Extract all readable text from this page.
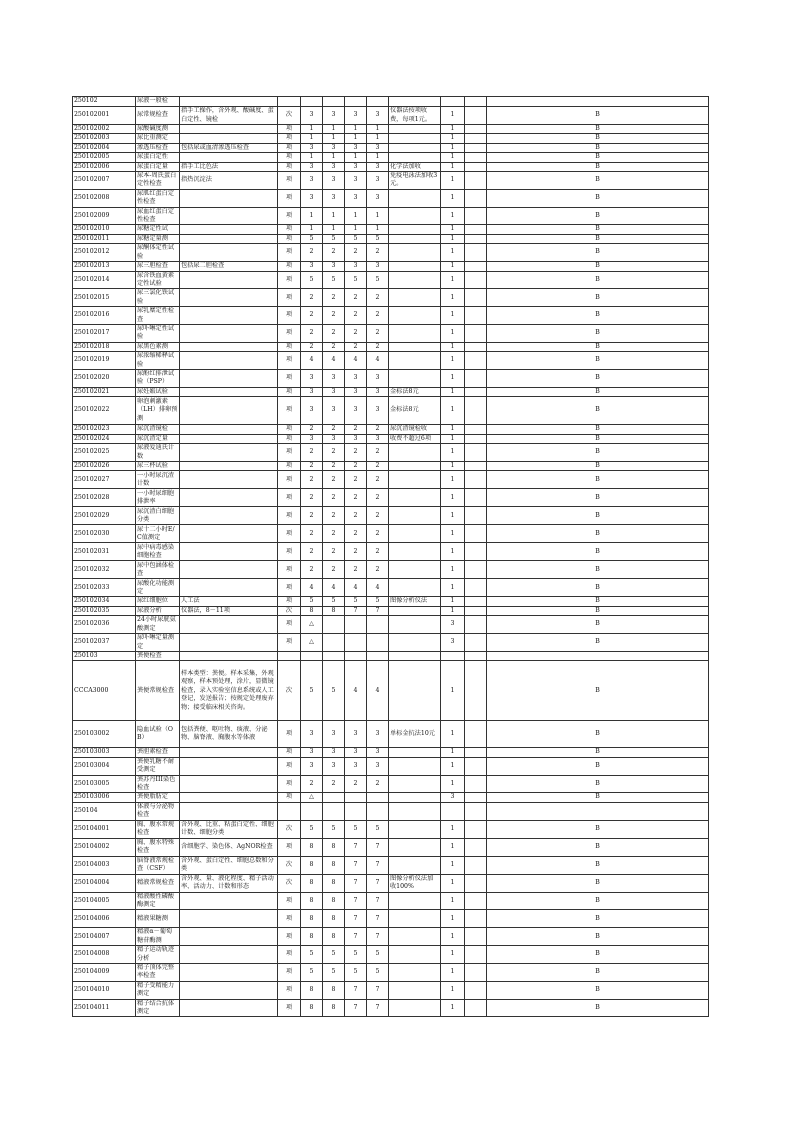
250102	尿液一般检										
250102001	尿常规检查	指手工操作，含外观、酸碱度、蛋白定性、镜检	次	3	3	3	3	仪器法按项收费，每项1元。	1		B
250102002	尿酸碱度测		项	1	1	1	1		1		B
250102003	尿比重测定		项	1	1	1	1		1		B
250102004	渗透压检查	包括尿或血清渗透压检查	项	3	3	3	3		1		B
250102005	尿蛋白定性		项	1	1	1	1		1		B
250102006	尿蛋白定量	指手工比色法	项	3	3	3	3	化学法加收	1		B
250102007	尿本-周氏蛋白定性检查	指热沉淀法	项	3	3	3	3	免疫电泳法加收3元。	1		B
250102008	尿肌红蛋白定性检查		项	3	3	3	3		1		B
250102009	尿血红蛋白定性检查		项	1	1	1	1		1		B
250102010	尿糖定性试		项	1	1	1	1		1		B
250102011	尿糖定量测		项	5	5	5	5		1		B
250102012	尿酮体定性试验		项	2	2	2	2		1		B
250102013	尿三胆检查	包括尿二胆检查	项	3	3	3	3		1		B
250102014	尿含铁血黄素定性试验		项	5	5	5	5		1		B
250102015	尿三氯化铁试验		项	2	2	2	2		1		B
250102016	尿乳糜定性检查		项	2	2	2	2		1		B
250102017	尿卟啉定性试验		项	2	2	2	2		1		B
250102018	尿黑色素测		项	2	2	2	2		1		B
250102019	尿浓缩稀释试验		项	4	4	4	4		1		B
250102020	尿酚红排泄试验（PSP）		项	3	3	3	3		1		B
250102021	尿妊娠试验		项	3	3	3	3	金标法8元	1		B
250102022	卵泡刺激素（LH）排卵预测		项	3	3	3	3	金标法8元	1		B
250102023	尿沉渣镜检		项	2	2	2	2	尿沉渣镜检收	1		B
250102024	尿沉渣定量		项	3	3	3	3	收费不超过6项	1		B
250102025	尿液爱迪氏计数		项	2	2	2	2		1		B
250102026	尿三杯试验		项	2	2	2	2		1		B
250102027	一小时尿沉渣计数		项	2	2	2	2		1		B
250102028	一小时尿细胞排泄率		项	2	2	2	2		1		B
250102029	尿沉渣白细胞分类		项	2	2	2	2		1		B
250102030	尿十二小时E/C值测定		项	2	2	2	2		1		B
250102031	尿中病毒感染细胞检查		项	2	2	2	2		1		B
250102032	尿中包涵体检查		项	2	2	2	2		1		B
250102033	尿酸化功能测定		项	4	4	4	4		1		B
250102034	尿红细胞位	人工法	项	5	5	5	5	图像分析仪法	1		B
250102035	尿液分析	仪器法，8－11项	次	8	8	7	7		1		B
250102036	24小时尿胱氨酸测定		项	△					3		B
250102037	尿卟啉定量测定		项	△					3		B
250103	粪便检查										
CCCA3000	粪便常规检查	样本类型：粪便。样本采集，外观观察，样本预处理，涂片，显微镜检查，录入实验室信息系统或人工登记，发送报告；按规定处理废弃物；接受临床相关咨询。	次	5	5	4	4		1		B
250103002	隐血试验（OB）	包括粪便、呕吐物、痰液、分泌物、脑脊液、胸腹水等体液	项	3	3	3	3	单标金抗法10元	1		B
250103003	粪胆素检查		项	3	3	3	3		1		B
250103004	粪便乳糖不耐受测定		项	3	3	3	3		1		B
250103005	粪苏丹III染色检查		项	2	2	2	2		1		B
250103006	粪便脂肪定		项	△					3		B
250104	体液与分泌物检查										
250104001	胸、腹水常规检查	含外观、比重、粘蛋白定性、细胞计数、细胞分类	次	5	5	5	5		1		B
250104002	胸、腹水特殊检查	含细胞学、染色体、AgNOR检查	项	8	8	7	7		1		B
250104003	脑脊液常规检查（CSF）	含外观、蛋白定性、细胞总数和分类	次	8	8	7	7		1		B
250104004	精液常规检查	含外观、量、液化程度、精子活动率、活动力、计数和形态	次	8	8	7	7	图像分析仪法加收100%	1		B
250104005	精液酸性磷酸酶测定		项	8	8	7	7		1		B
250104006	精液果糖测		项	8	8	7	7		1		B
250104007	精液α－葡萄糖苷酶测		项	8	8	7	7		1		B
250104008	精子运动轨迹分析		项	5	5	5	5		1		B
250104009	精子顶体完整率检查		项	5	5	5	5		1		B
250104010	精子受精能力测定		项	8	8	7	7		1		B
250104011	精子结合抗体测定		项	8	8	7	7		1		B
